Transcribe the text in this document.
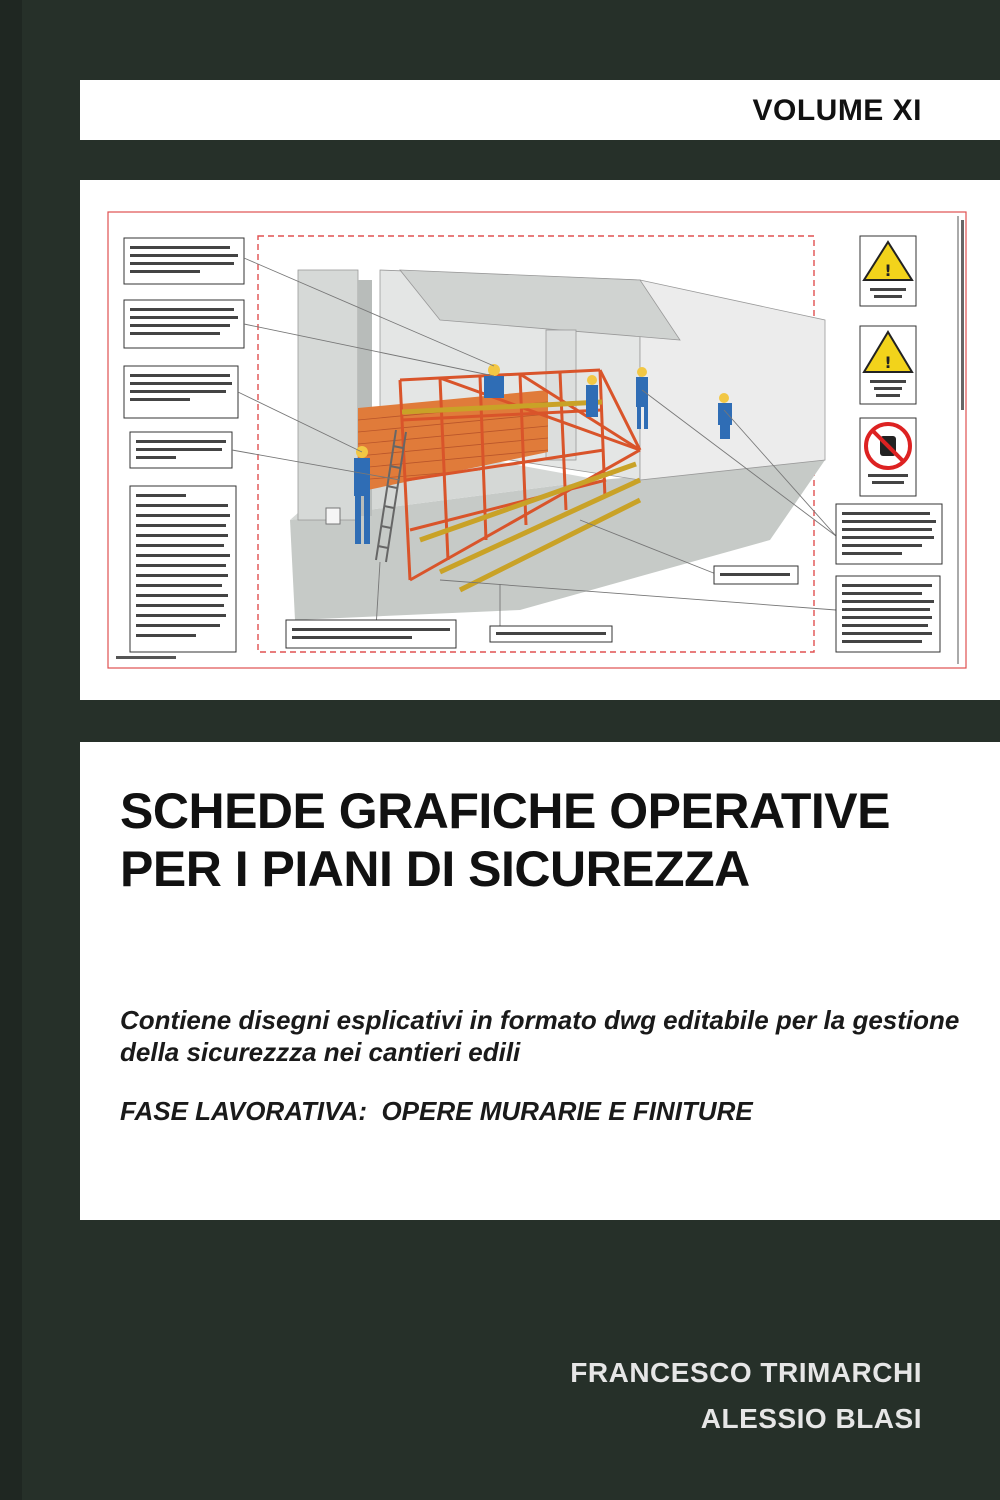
VOLUME XI
!
!
SCHEDE GRAFICHE OPERATIVE
PER I PIANI DI SICUREZZA
Contiene disegni esplicativi in formato dwg editabile per la gestione della sicurezzza nei cantieri edili
FASE LAVORATIVA:  OPERE MURARIE E FINITURE
FRANCESCO TRIMARCHI
ALESSIO BLASI
